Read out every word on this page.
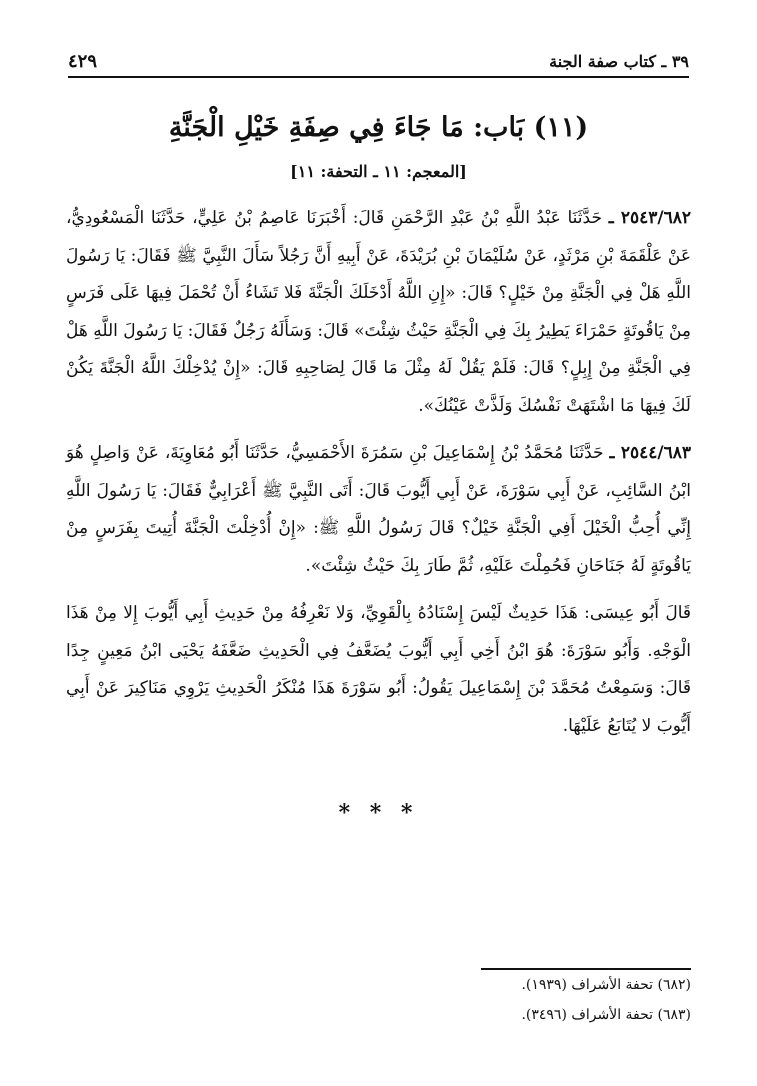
٣٩ ـ كتاب صفة الجنة
٤٢٩
(١١) بَاب: مَا جَاءَ فِي صِفَةِ خَيْلِ الْجَنَّةِ
[المعجم: ١١ ـ التحفة: ١١]

٢٥٤٣/٦٨٢ ـ حَدَّثَنَا عَبْدُ اللَّهِ بْنُ عَبْدِ الرَّحْمَنِ قَالَ: أَخْبَرَنَا عَاصِمُ بْنُ عَلِيٍّ، حَدَّثَنَا الْمَسْعُودِيُّ، عَنْ عَلْقَمَةَ بْنِ مَرْثَدٍ، عَنْ سُلَيْمَانَ بْنِ بُرَيْدَةَ، عَنْ أَبِيهِ أَنَّ رَجُلاً سَأَلَ النَّبِيَّ ﷺ فَقَالَ: يَا رَسُولَ اللَّهِ هَلْ فِي الْجَنَّةِ مِنْ خَيْلٍ؟ قَالَ: «إِنِ اللَّهُ أَدْخَلَكَ الْجَنَّةَ فَلا تَشَاءُ أَنْ تُحْمَلَ فِيهَا عَلَى فَرَسٍ مِنْ يَاقُوتَةٍ حَمْرَاءَ يَطِيرُ بِكَ فِي الْجَنَّةِ حَيْثُ شِئْتَ» قَالَ: وَسَأَلَهُ رَجُلٌ فَقَالَ: يَا رَسُولَ اللَّهِ هَلْ فِي الْجَنَّةِ مِنْ إِبِلٍ؟ قَالَ: فَلَمْ يَقُلْ لَهُ مِثْلَ مَا قَالَ لِصَاحِبِهِ قَالَ: «إِنْ يُدْخِلْكَ اللَّهُ الْجَنَّةَ يَكُنْ لَكَ فِيهَا مَا اشْتَهَتْ نَفْسُكَ وَلَذَّتْ عَيْنُكَ».

٢٥٤٤/٦٨٣ ـ حَدَّثَنَا مُحَمَّدُ بْنُ إِسْمَاعِيلَ بْنِ سَمُرَةَ الأَحْمَسِيُّ، حَدَّثَنَا أَبُو مُعَاوِيَةَ، عَنْ وَاصِلٍ هُوَ ابْنُ السَّائِبِ، عَنْ أَبِي سَوْرَةَ، عَنْ أَبِي أَيُّوبَ قَالَ: أَتَى النَّبِيَّ ﷺ أَعْرَابِيٌّ فَقَالَ: يَا رَسُولَ اللَّهِ إِنِّي أُحِبُّ الْخَيْلَ أَفِي الْجَنَّةِ خَيْلٌ؟ قَالَ رَسُولُ اللَّهِ ﷺ: «إِنْ أُدْخِلْتَ الْجَنَّةَ أُتِيتَ بِفَرَسٍ مِنْ يَاقُوتَةٍ لَهُ جَنَاحَانِ فَحُمِلْتَ عَلَيْهِ، ثُمَّ طَارَ بِكَ حَيْثُ شِئْتَ».

قَالَ أَبُو عِيسَى: هَذَا حَدِيثٌ لَيْسَ إِسْنَادُهُ بِالْقَوِيِّ، وَلا نَعْرِفُهُ مِنْ حَدِيثِ أَبِي أَيُّوبَ إِلا مِنْ هَذَا الْوَجْهِ. وَأَبُو سَوْرَةَ: هُوَ ابْنُ أَخِي أَبِي أَيُّوبَ يُضَعَّفُ فِي الْحَدِيثِ ضَعَّفَهُ يَحْيَى ابْنُ مَعِينٍ جِدًا قَالَ: وَسَمِعْتُ مُحَمَّدَ بْنَ إِسْمَاعِيلَ يَقُولُ: أَبُو سَوْرَةَ هَذَا مُنْكَرُ الْحَدِيثِ يَرْوِي مَنَاكِيرَ عَنْ أَبِي أَيُّوبَ لا يُتَابَعُ عَلَيْهَا.

* * *
(٦٨٢) تحفة الأشراف (١٩٣٩).
(٦٨٣) تحفة الأشراف (٣٤٩٦).
